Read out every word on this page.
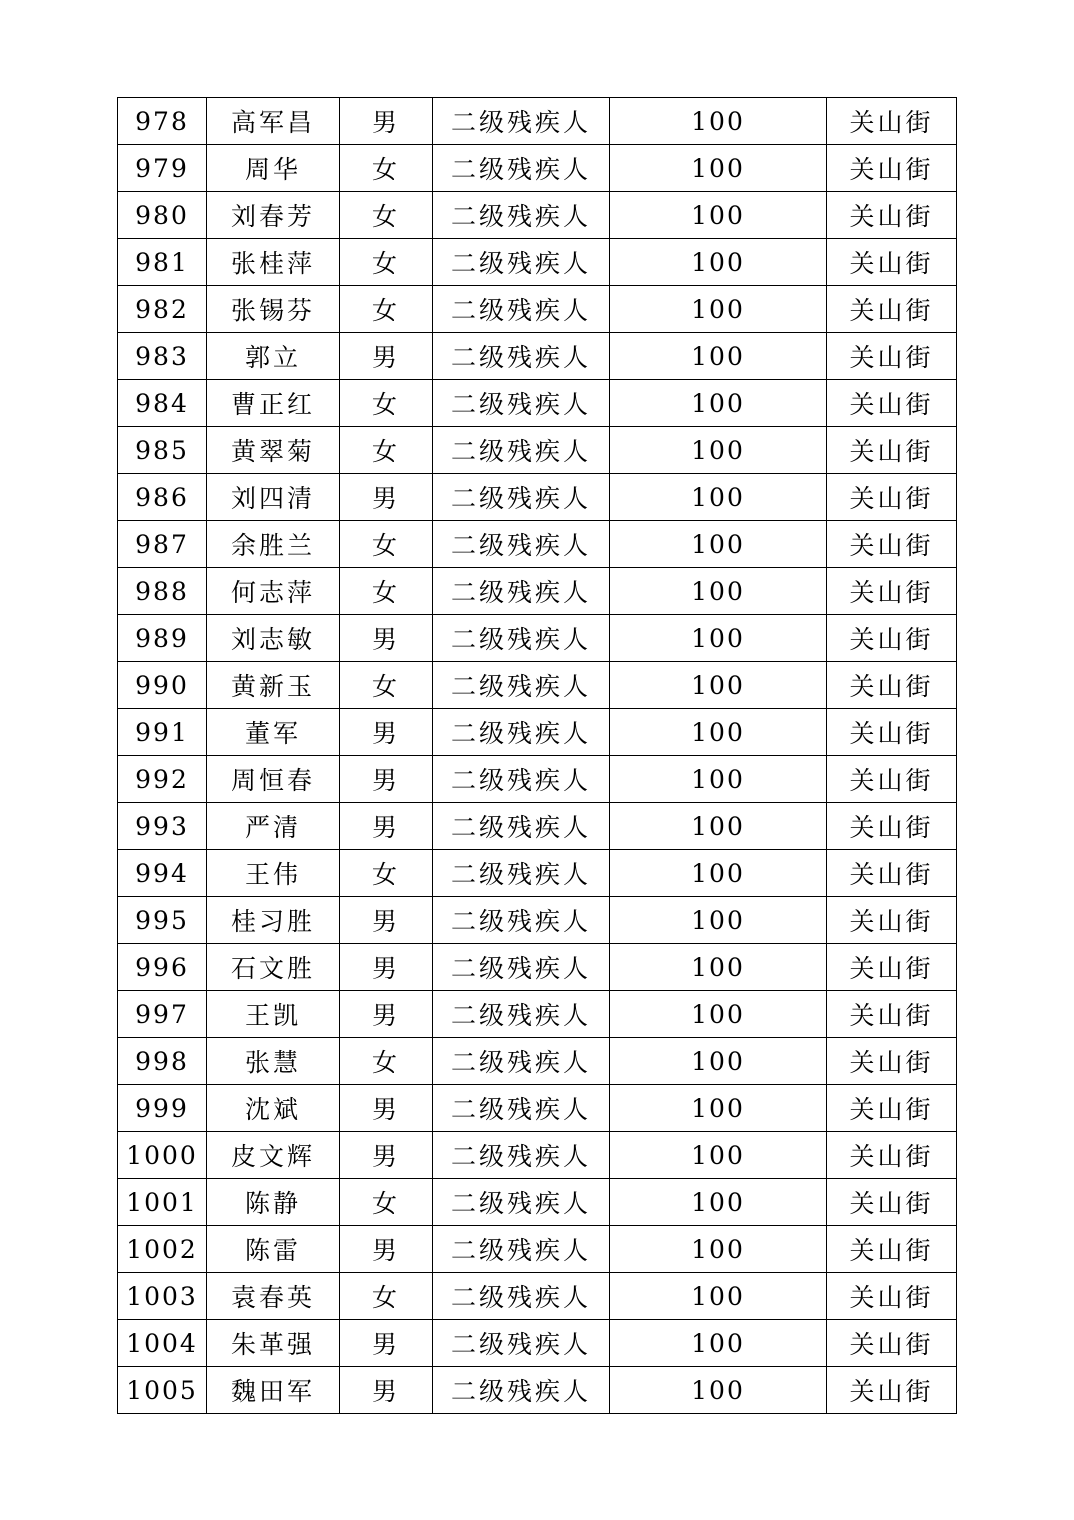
978	高军昌	男	二级残疾人	100	关山街
979	周华	女	二级残疾人	100	关山街
980	刘春芳	女	二级残疾人	100	关山街
981	张桂萍	女	二级残疾人	100	关山街
982	张锡芬	女	二级残疾人	100	关山街
983	郭立	男	二级残疾人	100	关山街
984	曹正红	女	二级残疾人	100	关山街
985	黄翠菊	女	二级残疾人	100	关山街
986	刘四清	男	二级残疾人	100	关山街
987	余胜兰	女	二级残疾人	100	关山街
988	何志萍	女	二级残疾人	100	关山街
989	刘志敏	男	二级残疾人	100	关山街
990	黄新玉	女	二级残疾人	100	关山街
991	董军	男	二级残疾人	100	关山街
992	周恒春	男	二级残疾人	100	关山街
993	严清	男	二级残疾人	100	关山街
994	王伟	女	二级残疾人	100	关山街
995	桂习胜	男	二级残疾人	100	关山街
996	石文胜	男	二级残疾人	100	关山街
997	王凯	男	二级残疾人	100	关山街
998	张慧	女	二级残疾人	100	关山街
999	沈斌	男	二级残疾人	100	关山街
1000	皮文辉	男	二级残疾人	100	关山街
1001	陈静	女	二级残疾人	100	关山街
1002	陈雷	男	二级残疾人	100	关山街
1003	袁春英	女	二级残疾人	100	关山街
1004	朱革强	男	二级残疾人	100	关山街
1005	魏田军	男	二级残疾人	100	关山街
